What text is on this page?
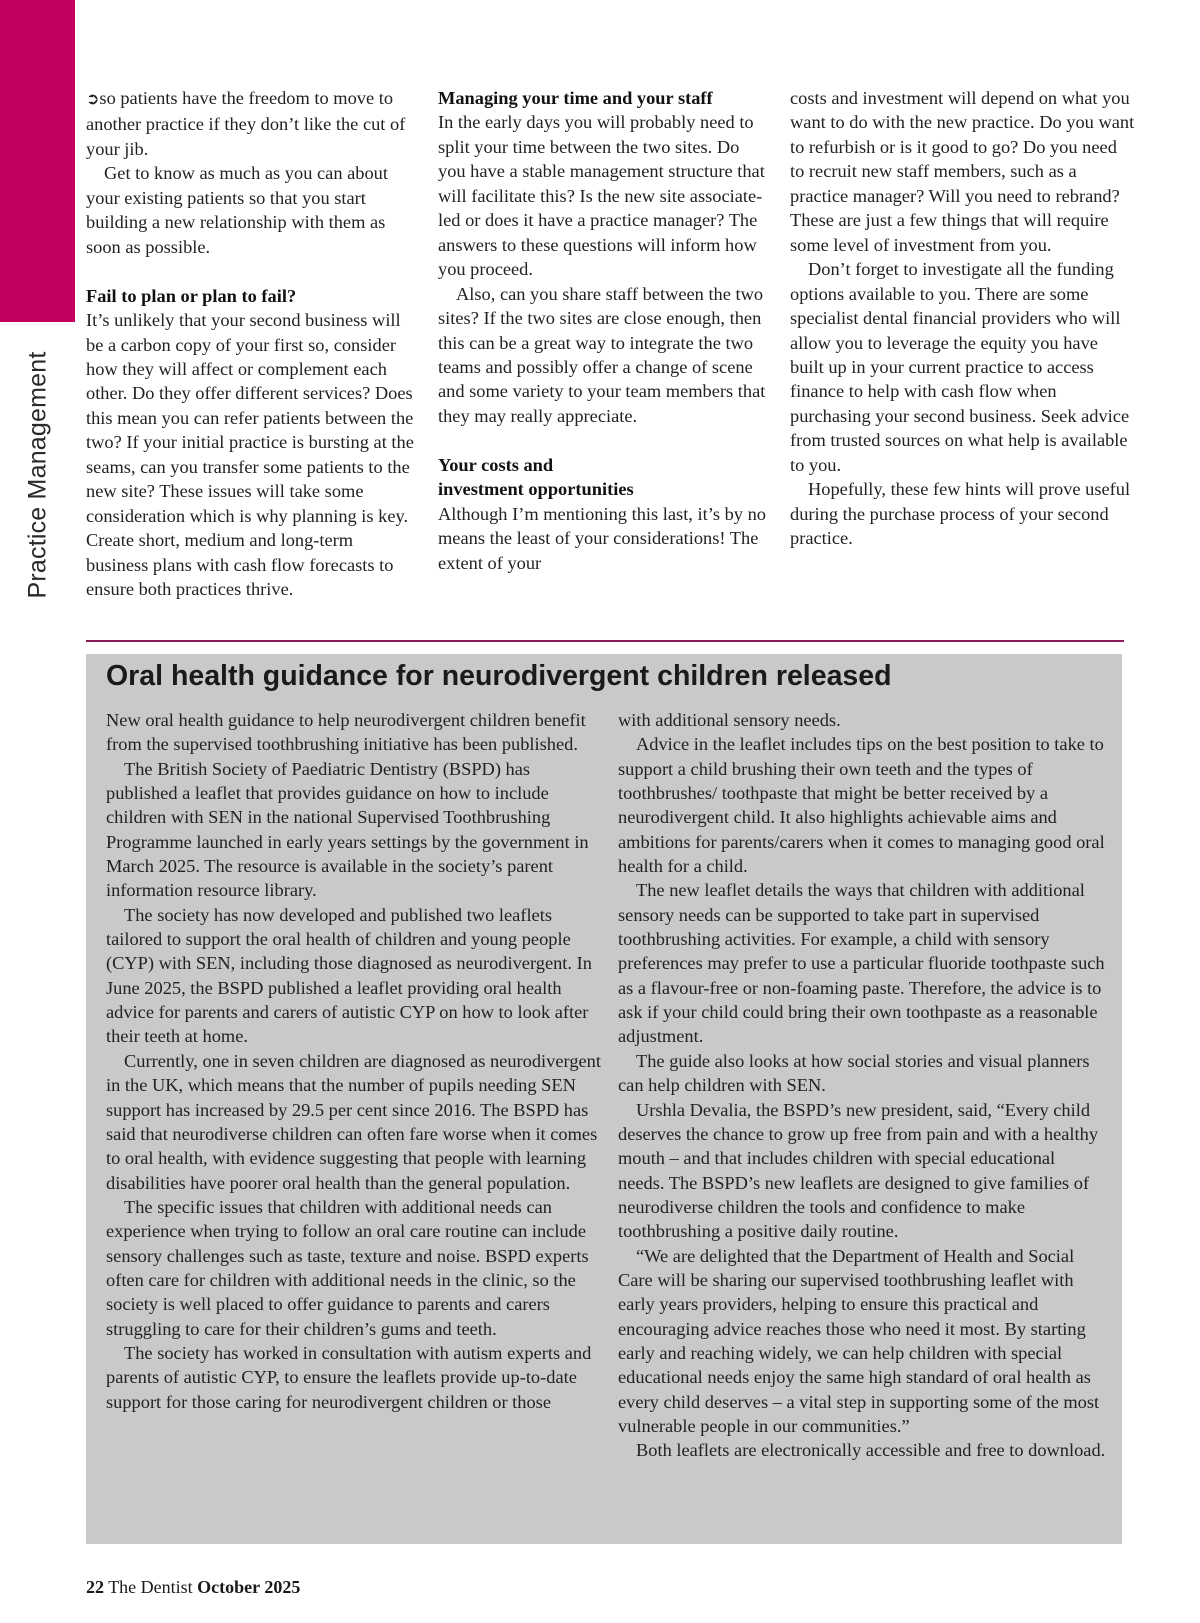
Practice Management

➲so patients have the freedom to move to another practice if they don’t like the cut of your jib.

Get to know as much as you can about your existing patients so that you start building a new relationship with them as soon as possible.

Fail to plan or plan to fail?

It’s unlikely that your second business will be a carbon copy of your first so, consider how they will affect or complement each other. Do they offer different services? Does this mean you can refer patients between the two? If your initial practice is bursting at the seams, can you transfer some patients to the new site? These issues will take some consideration which is why planning is key. Create short, medium and long-term business plans with cash flow forecasts to ensure both practices thrive.

Managing your time and your staff

In the early days you will probably need to split your time between the two sites. Do you have a stable management structure that will facilitate this? Is the new site associate-led or does it have a practice manager? The answers to these questions will inform how you proceed.

Also, can you share staff between the two sites? If the two sites are close enough, then this can be a great way to integrate the two teams and possibly offer a change of scene and some variety to your team members that they may really appreciate.

Your costs and

investment opportunities

Although I’m mentioning this last, it’s by no means the least of your considerations! The extent of your

costs and investment will depend on what you want to do with the new practice. Do you want to refurbish or is it good to go? Do you need to recruit new staff members, such as a practice manager? Will you need to rebrand? These are just a few things that will require some level of investment from you.

Don’t forget to investigate all the funding options available to you. There are some specialist dental financial providers who will allow you to leverage the equity you have built up in your current practice to access finance to help with cash flow when purchasing your second business. Seek advice from trusted sources on what help is available to you.

Hopefully, these few hints will prove useful during the purchase process of your second practice.

Oral health guidance for neurodivergent children released

New oral health guidance to help neurodivergent children benefit from the supervised toothbrushing initiative has been published.

The British Society of Paediatric Dentistry (BSPD) has published a leaflet that provides guidance on how to include children with SEN in the national Supervised Toothbrushing Programme launched in early years settings by the government in March 2025. The resource is available in the society’s parent information resource library.

The society has now developed and published two leaflets tailored to support the oral health of children and young people (CYP) with SEN, including those diagnosed as neurodivergent. In June 2025, the BSPD published a leaflet providing oral health advice for parents and carers of autistic CYP on how to look after their teeth at home.

Currently, one in seven children are diagnosed as neurodivergent in the UK, which means that the number of pupils needing SEN support has increased by 29.5 per cent since 2016. The BSPD has said that neurodiverse children can often fare worse when it comes to oral health, with evidence suggesting that people with learning disabilities have poorer oral health than the general population.

The specific issues that children with additional needs can experience when trying to follow an oral care routine can include sensory challenges such as taste, texture and noise. BSPD experts often care for children with additional needs in the clinic, so the society is well placed to offer guidance to parents and carers struggling to care for their children’s gums and teeth.

The society has worked in consultation with autism experts and parents of autistic CYP, to ensure the leaflets provide up-to-date support for those caring for neurodivergent children or those

with additional sensory needs.

Advice in the leaflet includes tips on the best position to take to support a child brushing their own teeth and the types of toothbrushes/ toothpaste that might be better received by a neurodivergent child. It also highlights achievable aims and ambitions for parents/carers when it comes to managing good oral health for a child.

The new leaflet details the ways that children with additional sensory needs can be supported to take part in supervised toothbrushing activities. For example, a child with sensory preferences may prefer to use a particular fluoride toothpaste such as a flavour-free or non-foaming paste. Therefore, the advice is to ask if your child could bring their own toothpaste as a reasonable adjustment.

The guide also looks at how social stories and visual planners can help children with SEN.

Urshla Devalia, the BSPD’s new president, said, “Every child deserves the chance to grow up free from pain and with a healthy mouth – and that includes children with special educational needs. The BSPD’s new leaflets are designed to give families of neurodiverse children the tools and confidence to make toothbrushing a positive daily routine.

“We are delighted that the Department of Health and Social Care will be sharing our supervised toothbrushing leaflet with early years providers, helping to ensure this practical and encouraging advice reaches those who need it most. By starting early and reaching widely, we can help children with special educational needs enjoy the same high standard of oral health as every child deserves – a vital step in supporting some of the most vulnerable people in our communities.”

Both leaflets are electronically accessible and free to download.

22 The Dentist October 2025
